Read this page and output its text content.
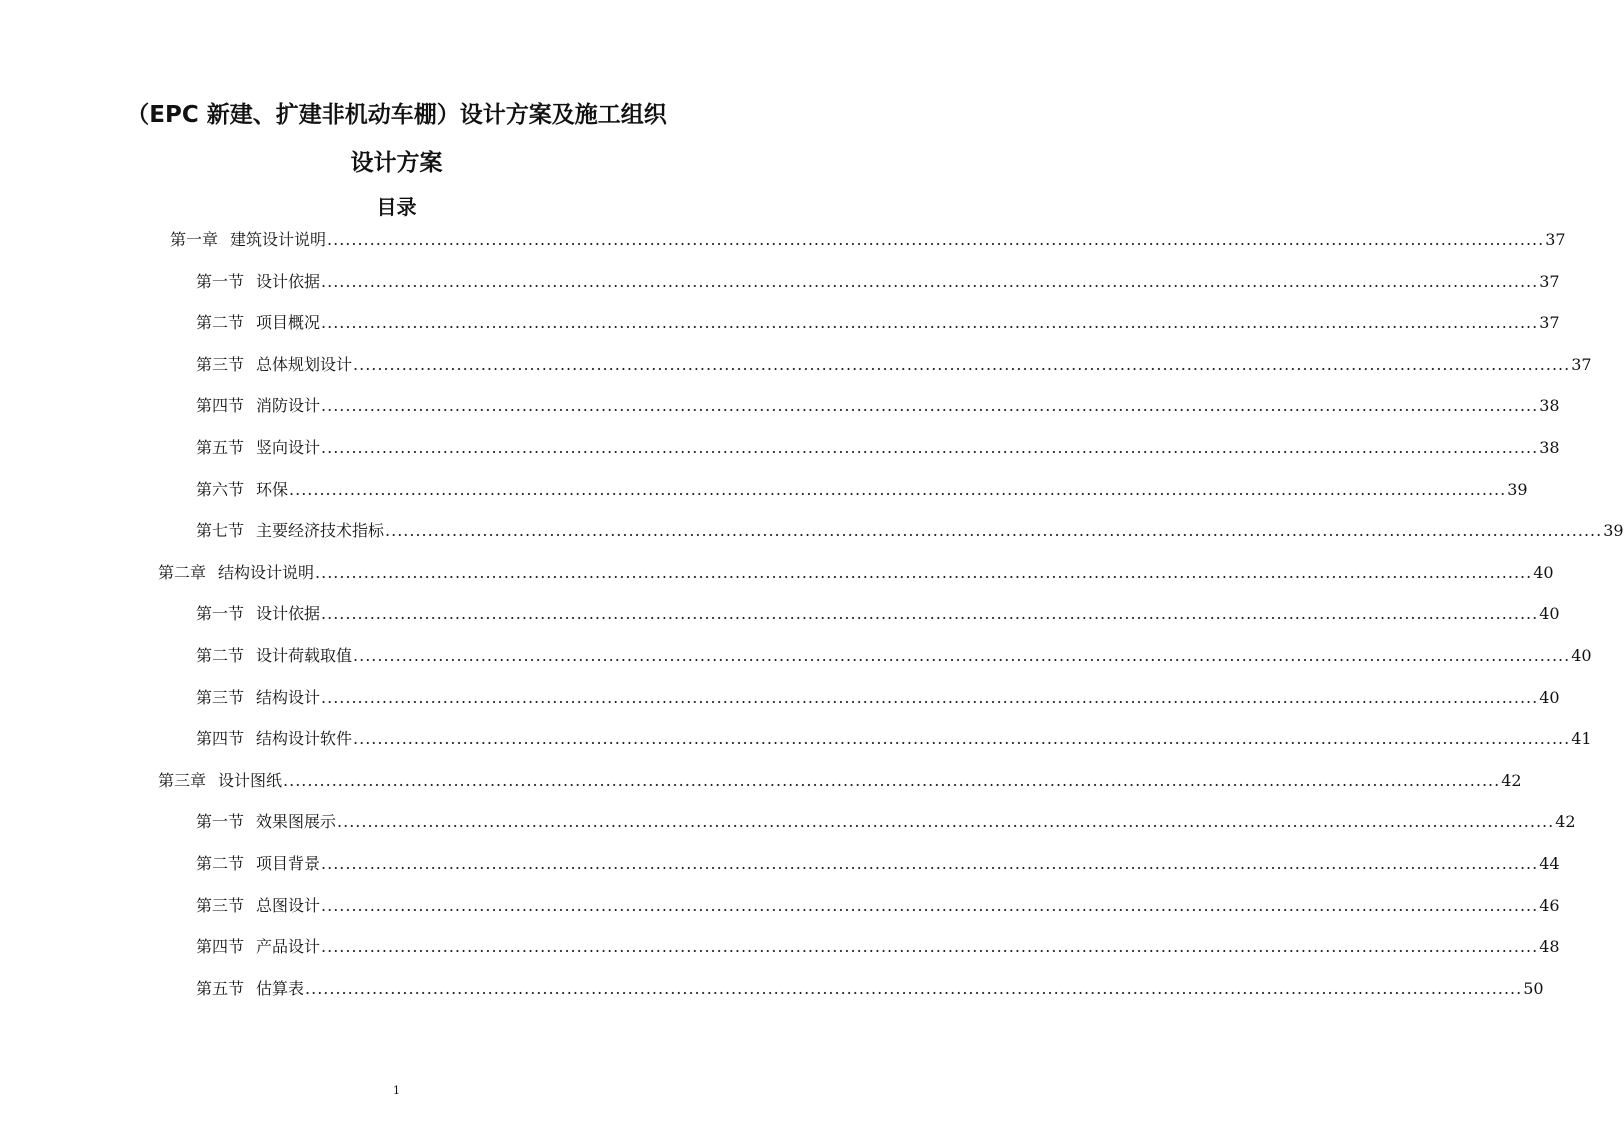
（EPC 新建、扩建非机动车棚）设计方案及施工组织
设计方案
目录
第一章 建筑设计说明 ........................................................................................................................................................................................................ 37
第一节 设计依据 ........................................................................................................................................................................................................ 37
第二节 项目概况 ........................................................................................................................................................................................................ 37
第三节 总体规划设计 ........................................................................................................................................................................................................ 37
第四节 消防设计 ........................................................................................................................................................................................................ 38
第五节 竖向设计 ........................................................................................................................................................................................................ 38
第六节 环保 ........................................................................................................................................................................................................ 39
第七节 主要经济技术指标 ........................................................................................................................................................................................................ 39
第二章 结构设计说明 ........................................................................................................................................................................................................ 40
第一节 设计依据 ........................................................................................................................................................................................................ 40
第二节 设计荷载取值 ........................................................................................................................................................................................................ 40
第三节 结构设计 ........................................................................................................................................................................................................ 40
第四节 结构设计软件 ........................................................................................................................................................................................................ 41
第三章 设计图纸 ........................................................................................................................................................................................................ 42
第一节 效果图展示 ........................................................................................................................................................................................................ 42
第二节 项目背景 ........................................................................................................................................................................................................ 44
第三节 总图设计 ........................................................................................................................................................................................................ 46
第四节 产品设计 ........................................................................................................................................................................................................ 48
第五节 估算表 ........................................................................................................................................................................................................ 50
1
